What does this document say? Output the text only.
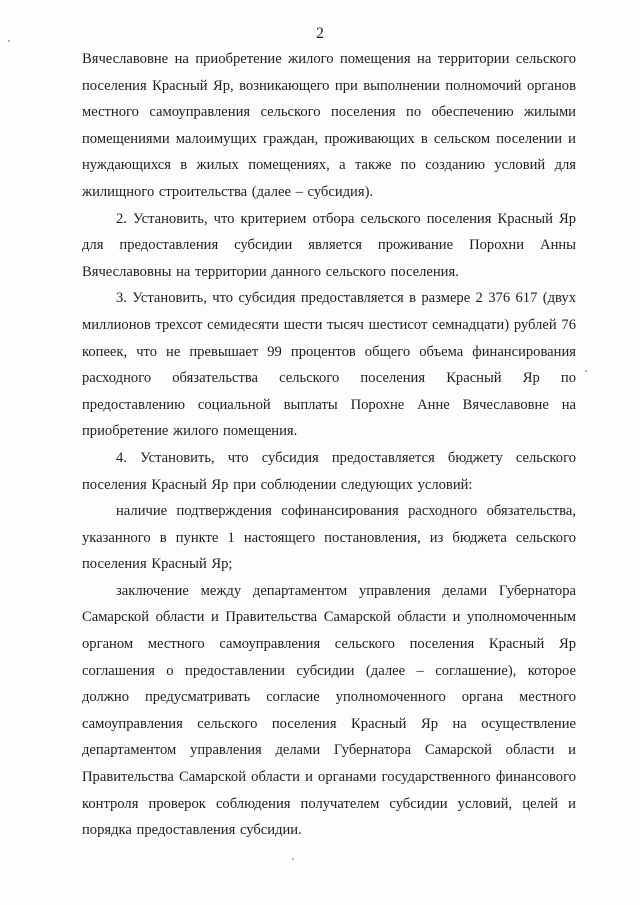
2

Вячеславовне на приобретение жилого помещения на территории сельского поселения Красный Яр, возникающего при выполнении полномочий органов местного самоуправления сельского поселения по обеспечению жилыми помещениями малоимущих граждан, проживающих в сельском поселении и нуждающихся в жилых помещениях, а также по созданию условий для жилищного строительства (далее – субсидия).

2. Установить, что критерием отбора сельского поселения Красный Яр для предоставления субсидии является проживание Порохни Анны Вячеславовны на территории данного сельского поселения.

3. Установить, что субсидия предоставляется в размере 2 376 617 (двух миллионов трехсот семидесяти шести тысяч шестисот семнадцати) рублей 76 копеек, что не превышает 99 процентов общего объема финансирования расходного обязательства сельского поселения Красный Яр по предоставлению социальной выплаты Порохне Анне Вячеславовне на приобретение жилого помещения.

4. Установить, что субсидия предоставляется бюджету сельского поселения Красный Яр при соблюдении следующих условий:

наличие подтверждения софинансирования расходного обязательства, указанного в пункте 1 настоящего постановления, из бюджета сельского поселения Красный Яр;

заключение между департаментом управления делами Губернатора Самарской области и Правительства Самарской области и уполномоченным органом местного самоуправления сельского поселения Красный Яр соглашения о предоставлении субсидии (далее – соглашение), которое должно предусматривать согласие уполномоченного органа местного самоуправления сельского поселения Красный Яр на осуществление департаментом управления делами Губернатора Самарской области и Правительства Самарской области и органами государственного финансового контроля проверок соблюдения получателем субсидии условий, целей и порядка предоставления субсидии.
